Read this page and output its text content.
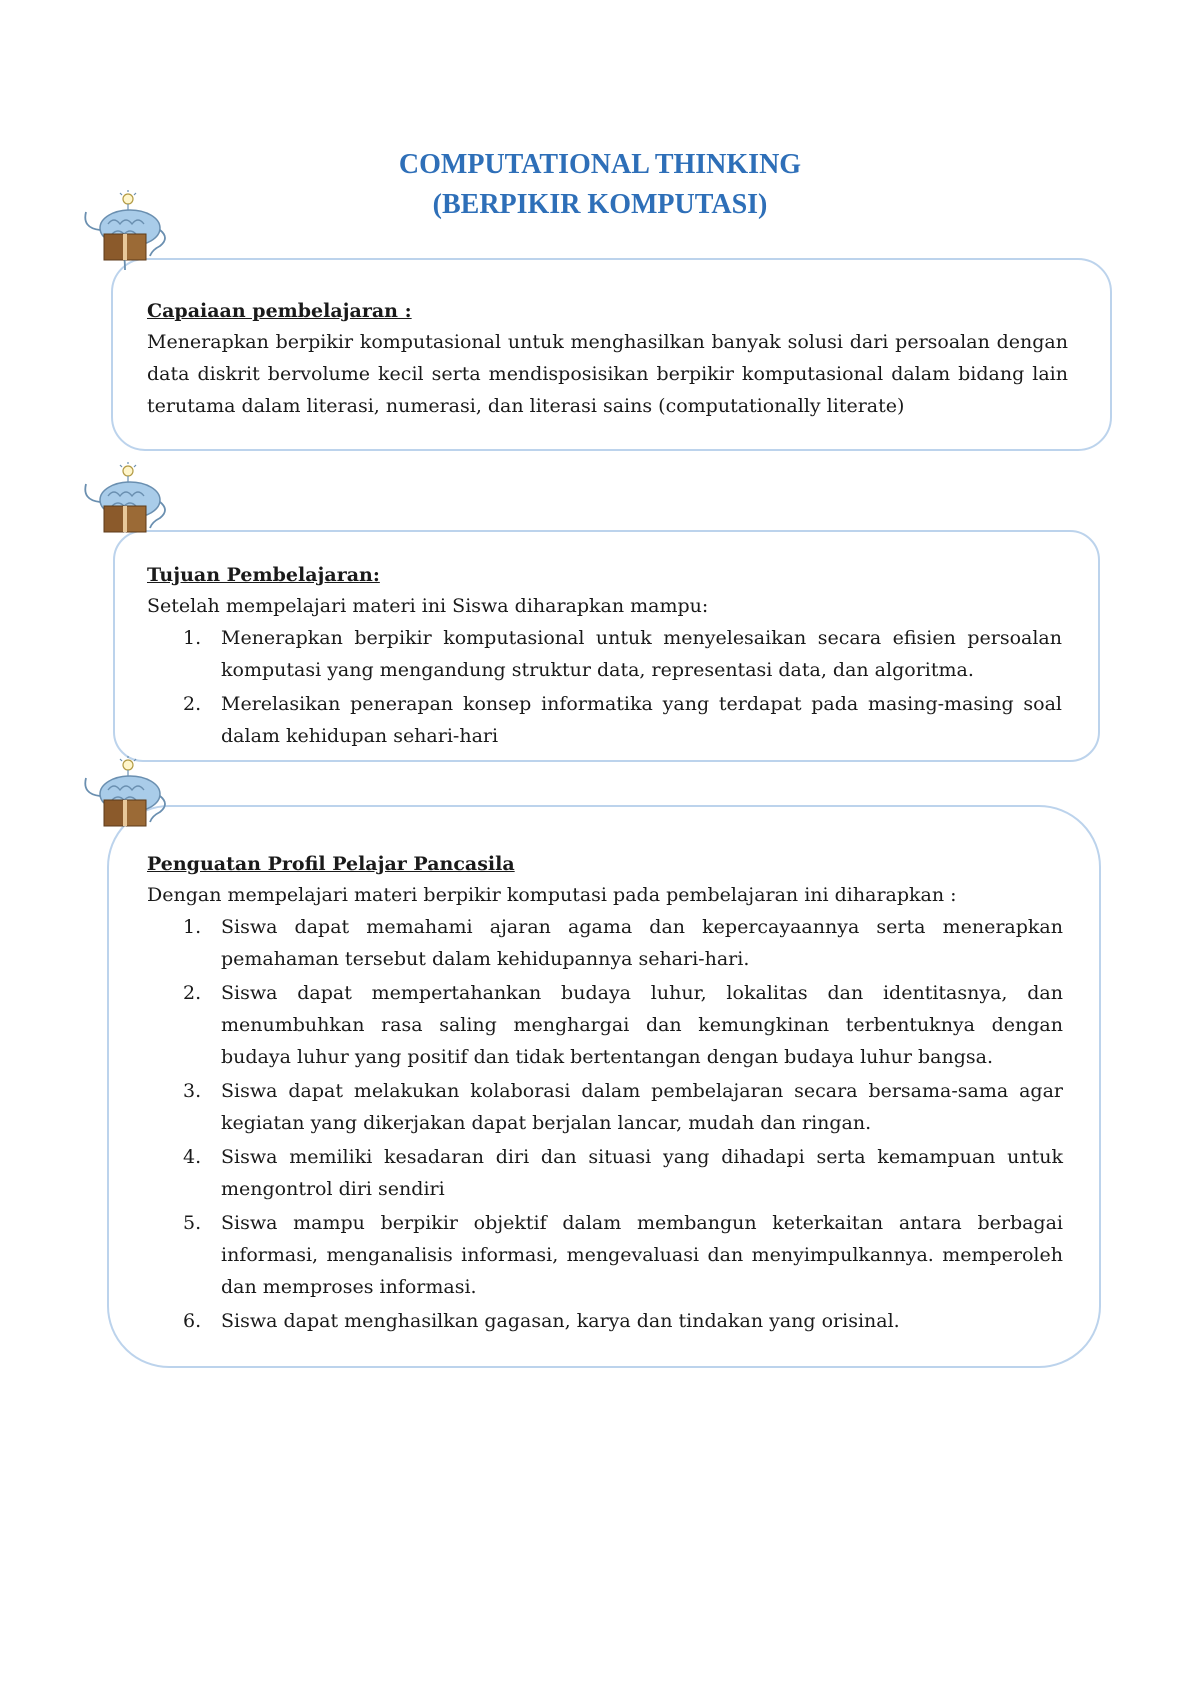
COMPUTATIONAL THINKING
(BERPIKIR KOMPUTASI)
Capaiaan pembelajaran :
Menerapkan berpikir komputasional untuk menghasilkan banyak solusi dari persoalan dengan data diskrit bervolume kecil serta mendisposisikan berpikir komputasional dalam bidang lain terutama dalam literasi, numerasi, dan literasi sains (computationally literate)
Tujuan Pembelajaran:
Setelah mempelajari materi ini Siswa diharapkan mampu:
1.	Menerapkan berpikir komputasional untuk menyelesaikan secara efisien persoalan komputasi yang mengandung struktur data, representasi data, dan algoritma.
2.	Merelasikan penerapan konsep informatika yang terdapat pada masing-masing soal dalam kehidupan sehari-hari
Penguatan Profil Pelajar Pancasila
Dengan mempelajari materi berpikir komputasi pada pembelajaran ini diharapkan :
1.	Siswa dapat memahami ajaran agama dan kepercayaannya serta menerapkan pemahaman tersebut dalam kehidupannya sehari-hari.
2.	Siswa dapat mempertahankan budaya luhur, lokalitas dan identitasnya, dan menumbuhkan rasa saling menghargai dan kemungkinan terbentuknya dengan budaya luhur yang positif dan tidak bertentangan dengan budaya luhur bangsa.
3.	Siswa dapat melakukan kolaborasi dalam pembelajaran secara bersama-sama agar kegiatan yang dikerjakan dapat berjalan lancar, mudah dan ringan.
4.	Siswa memiliki kesadaran diri dan situasi yang dihadapi serta kemampuan untuk mengontrol diri sendiri
5.	Siswa mampu berpikir objektif dalam membangun keterkaitan antara berbagai informasi, menganalisis informasi, mengevaluasi dan menyimpulkannya. memperoleh dan memproses informasi.
6.	Siswa dapat menghasilkan gagasan, karya dan tindakan yang orisinal.
